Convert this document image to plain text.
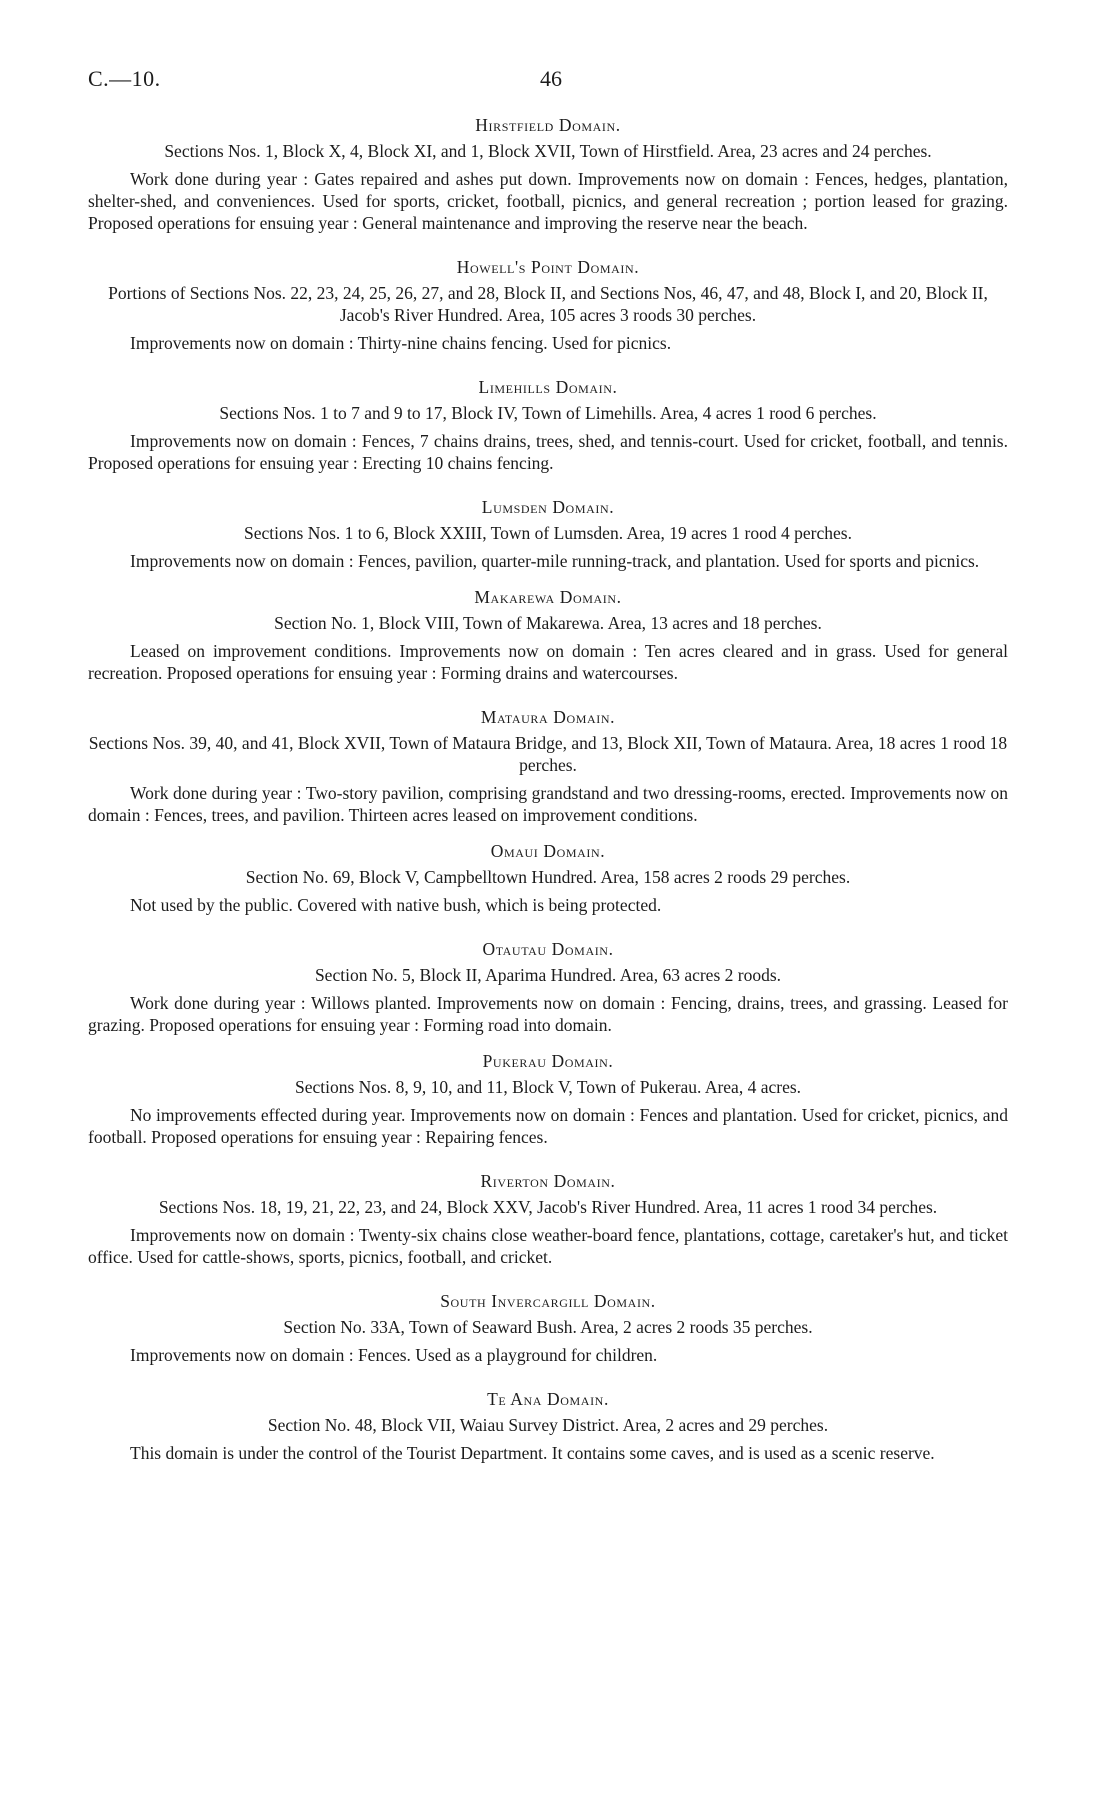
C.—10.	46

Hirstfield Domain.

Sections Nos. 1, Block X, 4, Block XI, and 1, Block XVII, Town of Hirstfield. Area, 23 acres and 24 perches.

Work done during year : Gates repaired and ashes put down. Improvements now on domain : Fences, hedges, plantation, shelter-shed, and conveniences. Used for sports, cricket, football, picnics, and general recreation ; portion leased for grazing. Proposed operations for ensuing year : General maintenance and improving the reserve near the beach.

Howell's Point Domain.

Portions of Sections Nos. 22, 23, 24, 25, 26, 27, and 28, Block II, and Sections Nos, 46, 47, and 48, Block I, and 20, Block II, Jacob's River Hundred. Area, 105 acres 3 roods 30 perches.

Improvements now on domain : Thirty-nine chains fencing. Used for picnics.

Limehills Domain.

Sections Nos. 1 to 7 and 9 to 17, Block IV, Town of Limehills. Area, 4 acres 1 rood 6 perches.

Improvements now on domain : Fences, 7 chains drains, trees, shed, and tennis-court. Used for cricket, football, and tennis. Proposed operations for ensuing year : Erecting 10 chains fencing.

Lumsden Domain.

Sections Nos. 1 to 6, Block XXIII, Town of Lumsden. Area, 19 acres 1 rood 4 perches.

Improvements now on domain : Fences, pavilion, quarter-mile running-track, and plantation. Used for sports and picnics.

Makarewa Domain.

Section No. 1, Block VIII, Town of Makarewa. Area, 13 acres and 18 perches.

Leased on improvement conditions. Improvements now on domain : Ten acres cleared and in grass. Used for general recreation. Proposed operations for ensuing year : Forming drains and watercourses.

Mataura Domain.

Sections Nos. 39, 40, and 41, Block XVII, Town of Mataura Bridge, and 13, Block XII, Town of Mataura. Area, 18 acres 1 rood 18 perches.

Work done during year : Two-story pavilion, comprising grandstand and two dressing-rooms, erected. Improvements now on domain : Fences, trees, and pavilion. Thirteen acres leased on improvement conditions.

Omaui Domain.

Section No. 69, Block V, Campbelltown Hundred. Area, 158 acres 2 roods 29 perches.

Not used by the public. Covered with native bush, which is being protected.

Otautau Domain.

Section No. 5, Block II, Aparima Hundred. Area, 63 acres 2 roods.

Work done during year : Willows planted. Improvements now on domain : Fencing, drains, trees, and grassing. Leased for grazing. Proposed operations for ensuing year : Forming road into domain.

Pukerau Domain.

Sections Nos. 8, 9, 10, and 11, Block V, Town of Pukerau. Area, 4 acres.

No improvements effected during year. Improvements now on domain : Fences and plantation. Used for cricket, picnics, and football. Proposed operations for ensuing year : Repairing fences.

Riverton Domain.

Sections Nos. 18, 19, 21, 22, 23, and 24, Block XXV, Jacob's River Hundred. Area, 11 acres 1 rood 34 perches.

Improvements now on domain : Twenty-six chains close weather-board fence, plantations, cottage, caretaker's hut, and ticket office. Used for cattle-shows, sports, picnics, football, and cricket.

South Invercargill Domain.

Section No. 33A, Town of Seaward Bush. Area, 2 acres 2 roods 35 perches.

Improvements now on domain : Fences. Used as a playground for children.

Te Ana Domain.

Section No. 48, Block VII, Waiau Survey District. Area, 2 acres and 29 perches.

This domain is under the control of the Tourist Department. It contains some caves, and is used as a scenic reserve.
